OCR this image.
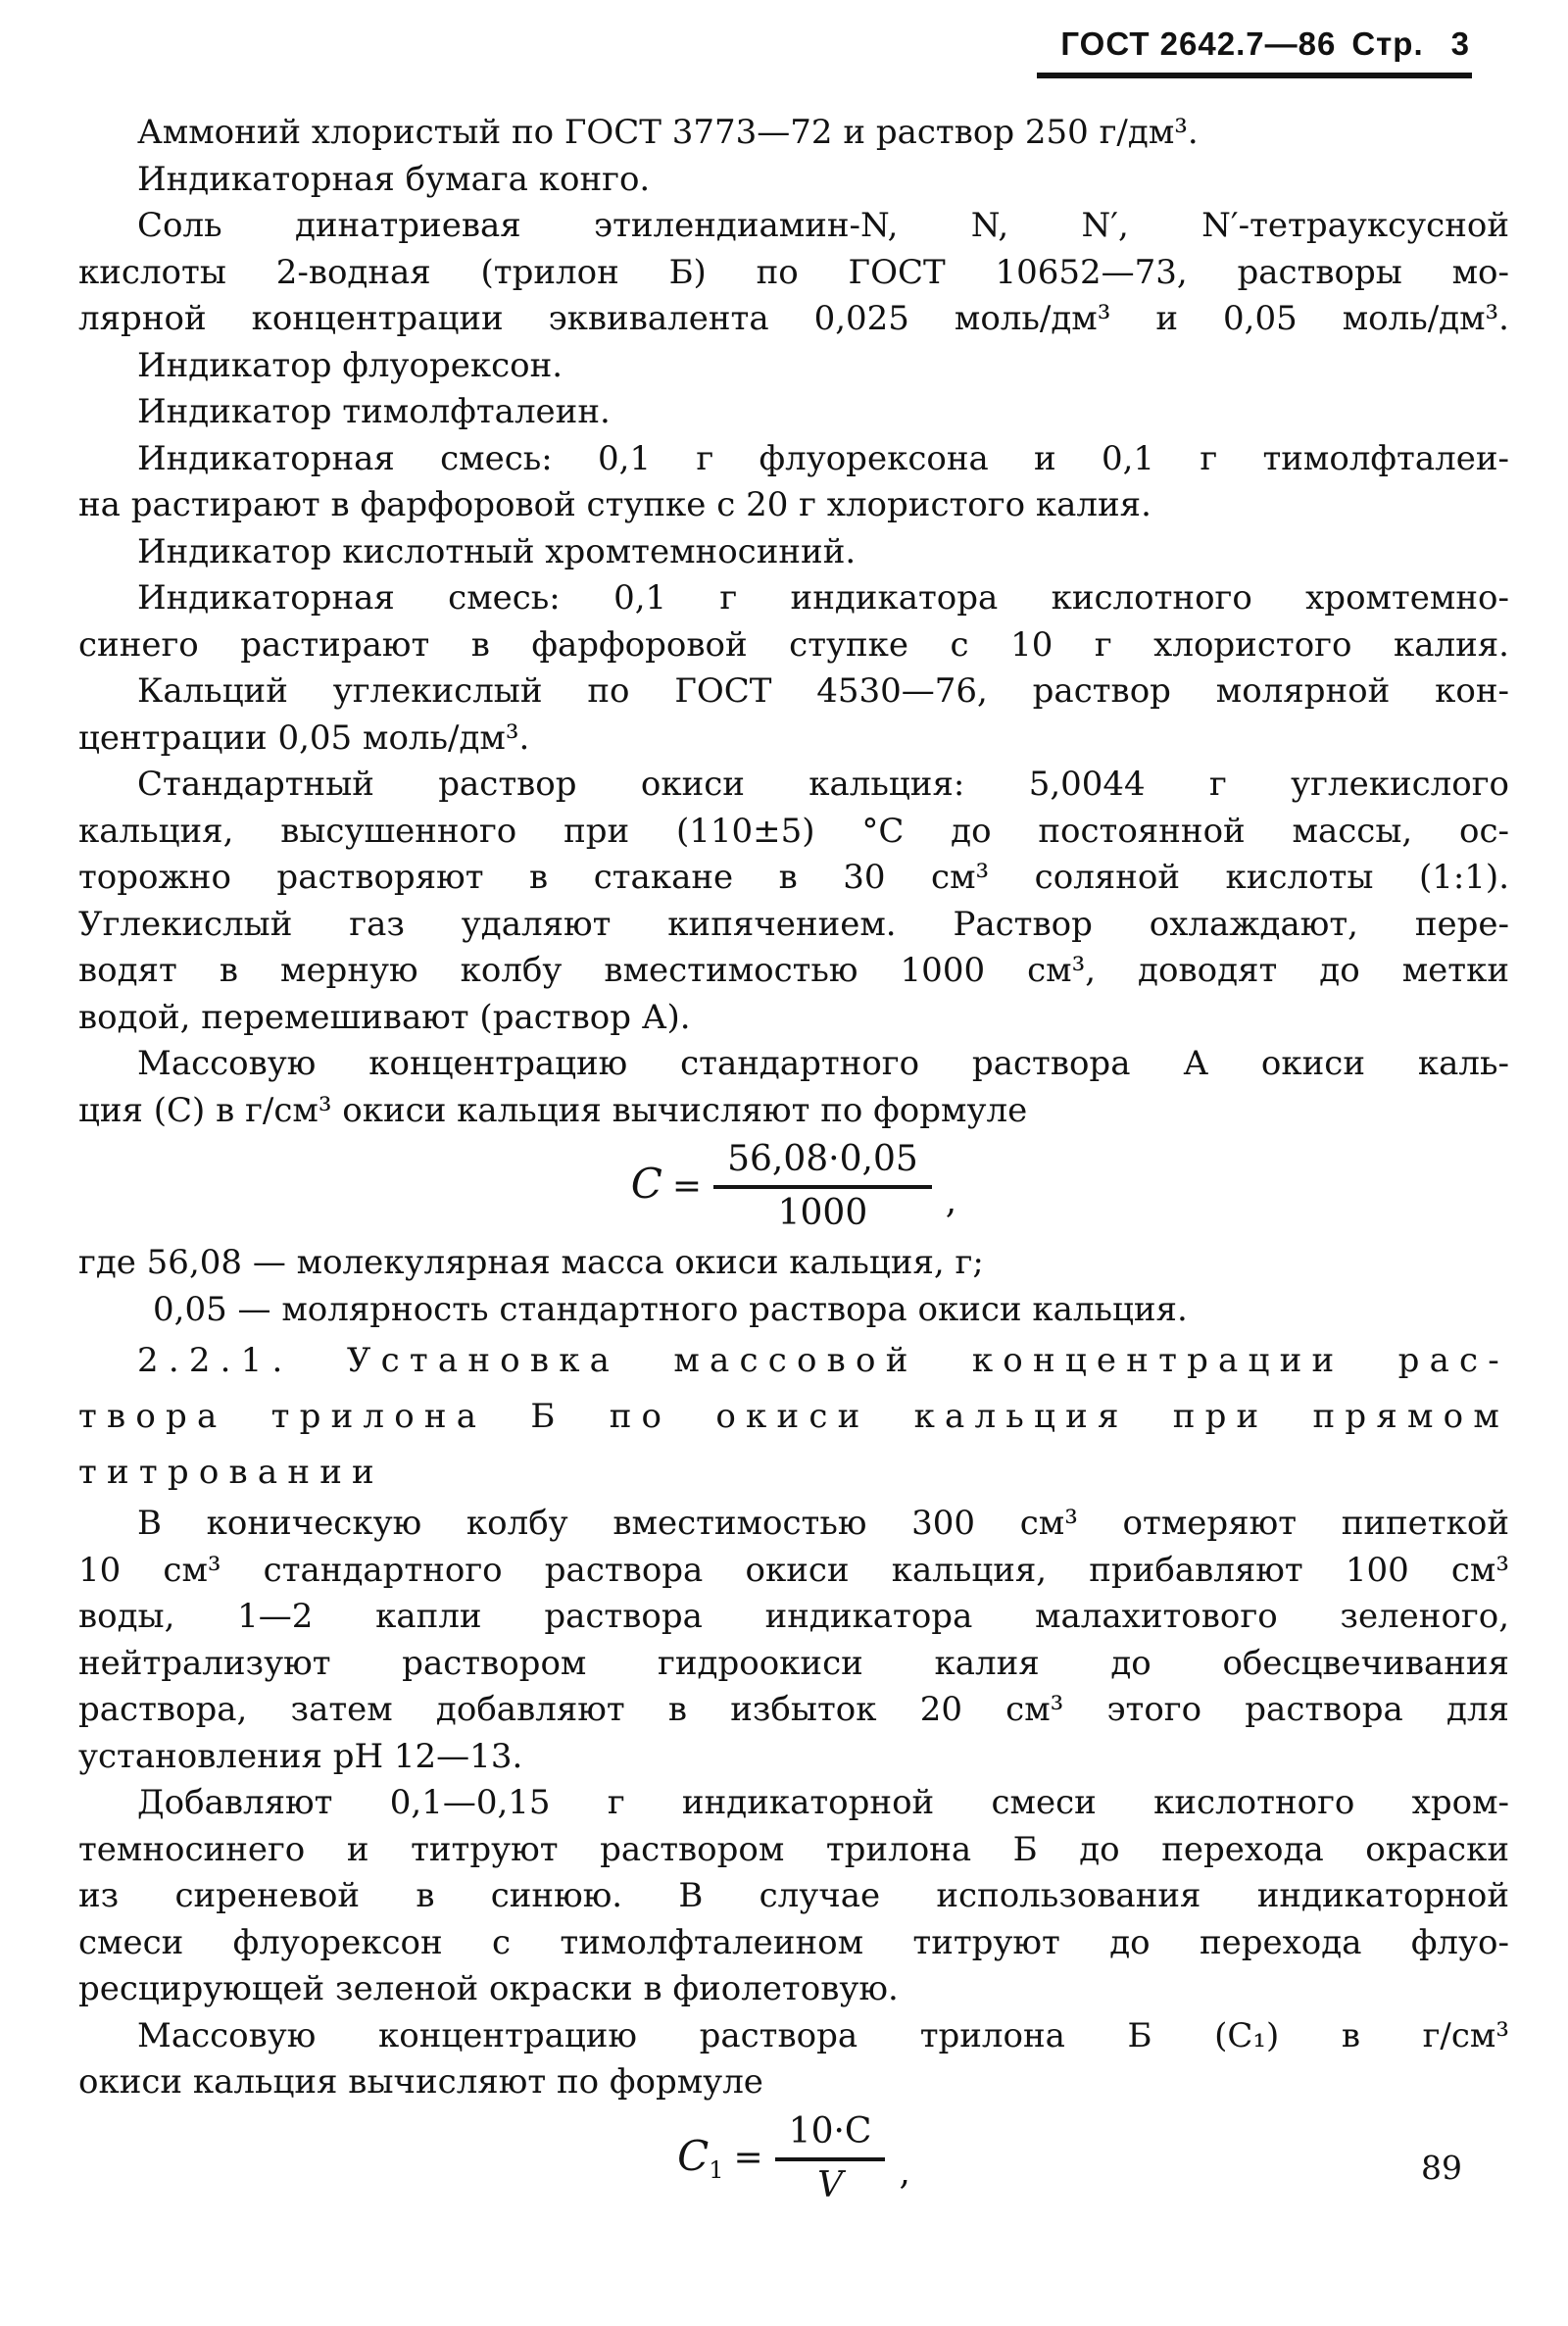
ГОСТ 2642.7—86 Стр. 3
Аммоний хлористый по ГОСТ 3773—72 и раствор 250 г/дм³.
Индикаторная бумага конго.
Соль динатриевая этилендиамин-N, N, N′, N′-тетрауксусной
кислоты 2-водная (трилон Б) по ГОСТ 10652—73, растворы мо-
лярной концентрации эквивалента 0,025 моль/дм³ и 0,05 моль/дм³.
Индикатор флуорексон.
Индикатор тимолфталеин.
Индикаторная смесь: 0,1 г флуорексона и 0,1 г тимолфталеи-
на растирают в фарфоровой ступке с 20 г хлористого калия.
Индикатор кислотный хромтемносиний.
Индикаторная смесь: 0,1 г индикатора кислотного хромтемно-
синего растирают в фарфоровой ступке с 10 г хлористого калия.
Кальций углекислый по ГОСТ 4530—76, раствор молярной кон-
центрации 0,05 моль/дм³.
Стандартный раствор окиси кальция: 5,0044 г углекислого
кальция, высушенного при (110±5) °С до постоянной массы, ос-
торожно растворяют в стакане в 30 см³ соляной кислоты (1:1).
Углекислый газ удаляют кипячением. Раствор охлаждают, пере-
водят в мерную колбу вместимостью 1000 см³, доводят до метки
водой, перемешивают (раствор А).
Массовую концентрацию стандартного раствора А окиси каль-
ция (С) в г/см³ окиси кальция вычисляют по формуле
$C = \frac{56,08\cdot 0,05}{1000}$ ,
где 56,08 — молекулярная масса окиси кальция, г;
0,05 — молярность стандартного раствора окиси кальция.
2.2.1. Установка массовой концентрации рас-
твора трилона Б по окиси кальция при прямом
титровании
В коническую колбу вместимостью 300 см³ отмеряют пипеткой
10 см³ стандартного раствора окиси кальция, прибавляют 100 см³
воды, 1—2 капли раствора индикатора малахитового зеленого,
нейтрализуют раствором гидроокиси калия до обесцвечивания
раствора, затем добавляют в избыток 20 см³ этого раствора для
установления рН 12—13.
Добавляют 0,1—0,15 г индикаторной смеси кислотного хром-
темносинего и титруют раствором трилона Б до перехода окраски
из сиреневой в синюю. В случае использования индикаторной
смеси флуорексон с тимолфталеином титруют до перехода флуо-
ресцирующей зеленой окраски в фиолетовую.
Массовую концентрацию раствора трилона Б (С₁) в г/см³
окиси кальция вычисляют по формуле
$C_1 = \frac{10\cdot C}{V}$ ,	89
